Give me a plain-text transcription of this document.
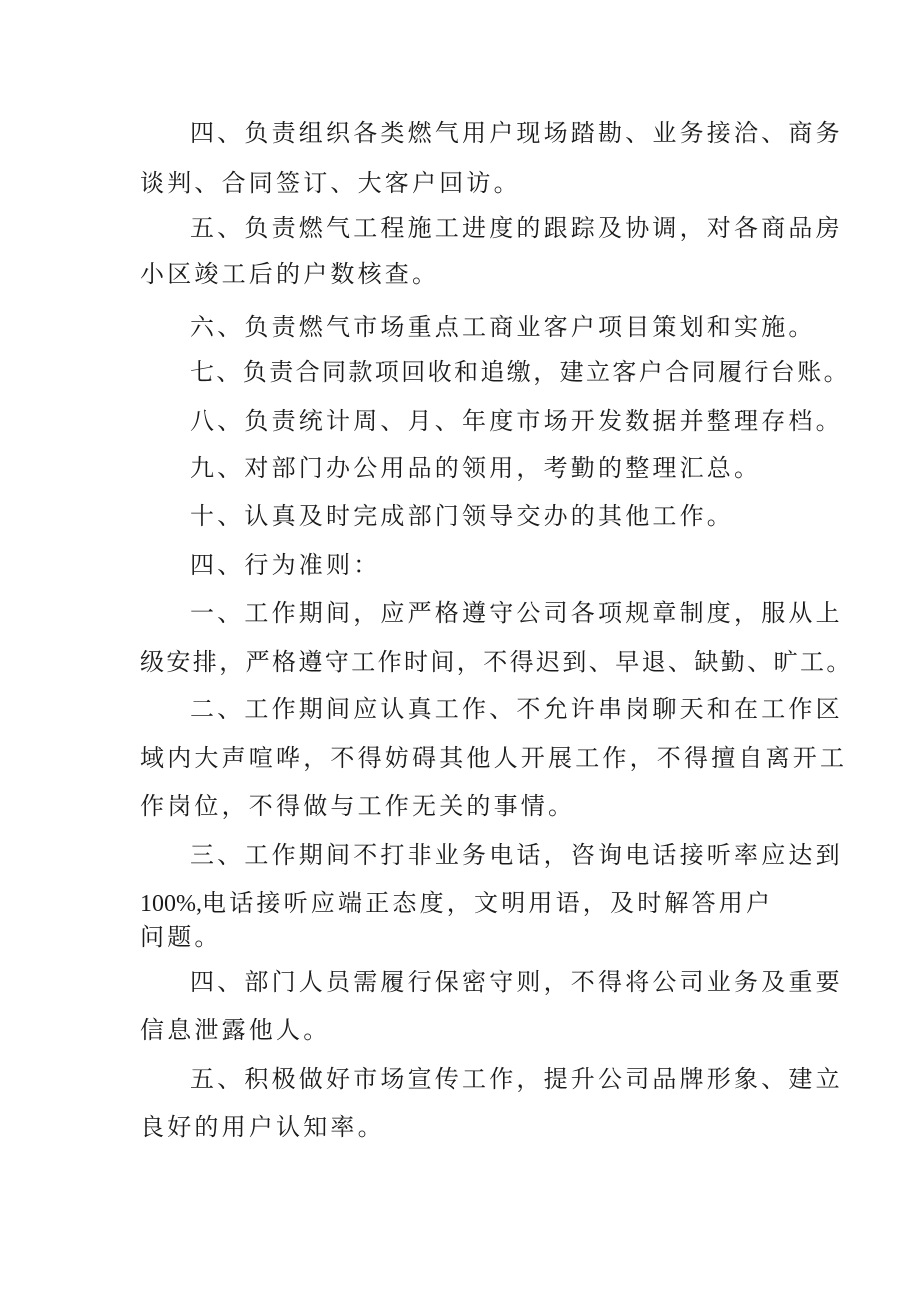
四、负责组织各类燃气用户现场踏勘、业务接洽、商务
谈判、合同签订、大客户回访。
五、负责燃气工程施工进度的跟踪及协调，对各商品房
小区竣工后的户数核查。
六、负责燃气市场重点工商业客户项目策划和实施。
七、负责合同款项回收和追缴，建立客户合同履行台账。
八、负责统计周、月、年度市场开发数据并整理存档。
九、对部门办公用品的领用，考勤的整理汇总。
十、认真及时完成部门领导交办的其他工作。
四、行为准则：
一、工作期间，应严格遵守公司各项规章制度，服从上
级安排，严格遵守工作时间，不得迟到、早退、缺勤、旷工。
二、工作期间应认真工作、不允许串岗聊天和在工作区
域内大声喧哗，不得妨碍其他人开展工作，不得擅自离开工
作岗位，不得做与工作无关的事情。
三、工作期间不打非业务电话，咨询电话接听率应达到
100%,电话接听应端正态度，文明用语，及时解答用户
问题。
四、部门人员需履行保密守则，不得将公司业务及重要
信息泄露他人。
五、积极做好市场宣传工作，提升公司品牌形象、建立
良好的用户认知率。
